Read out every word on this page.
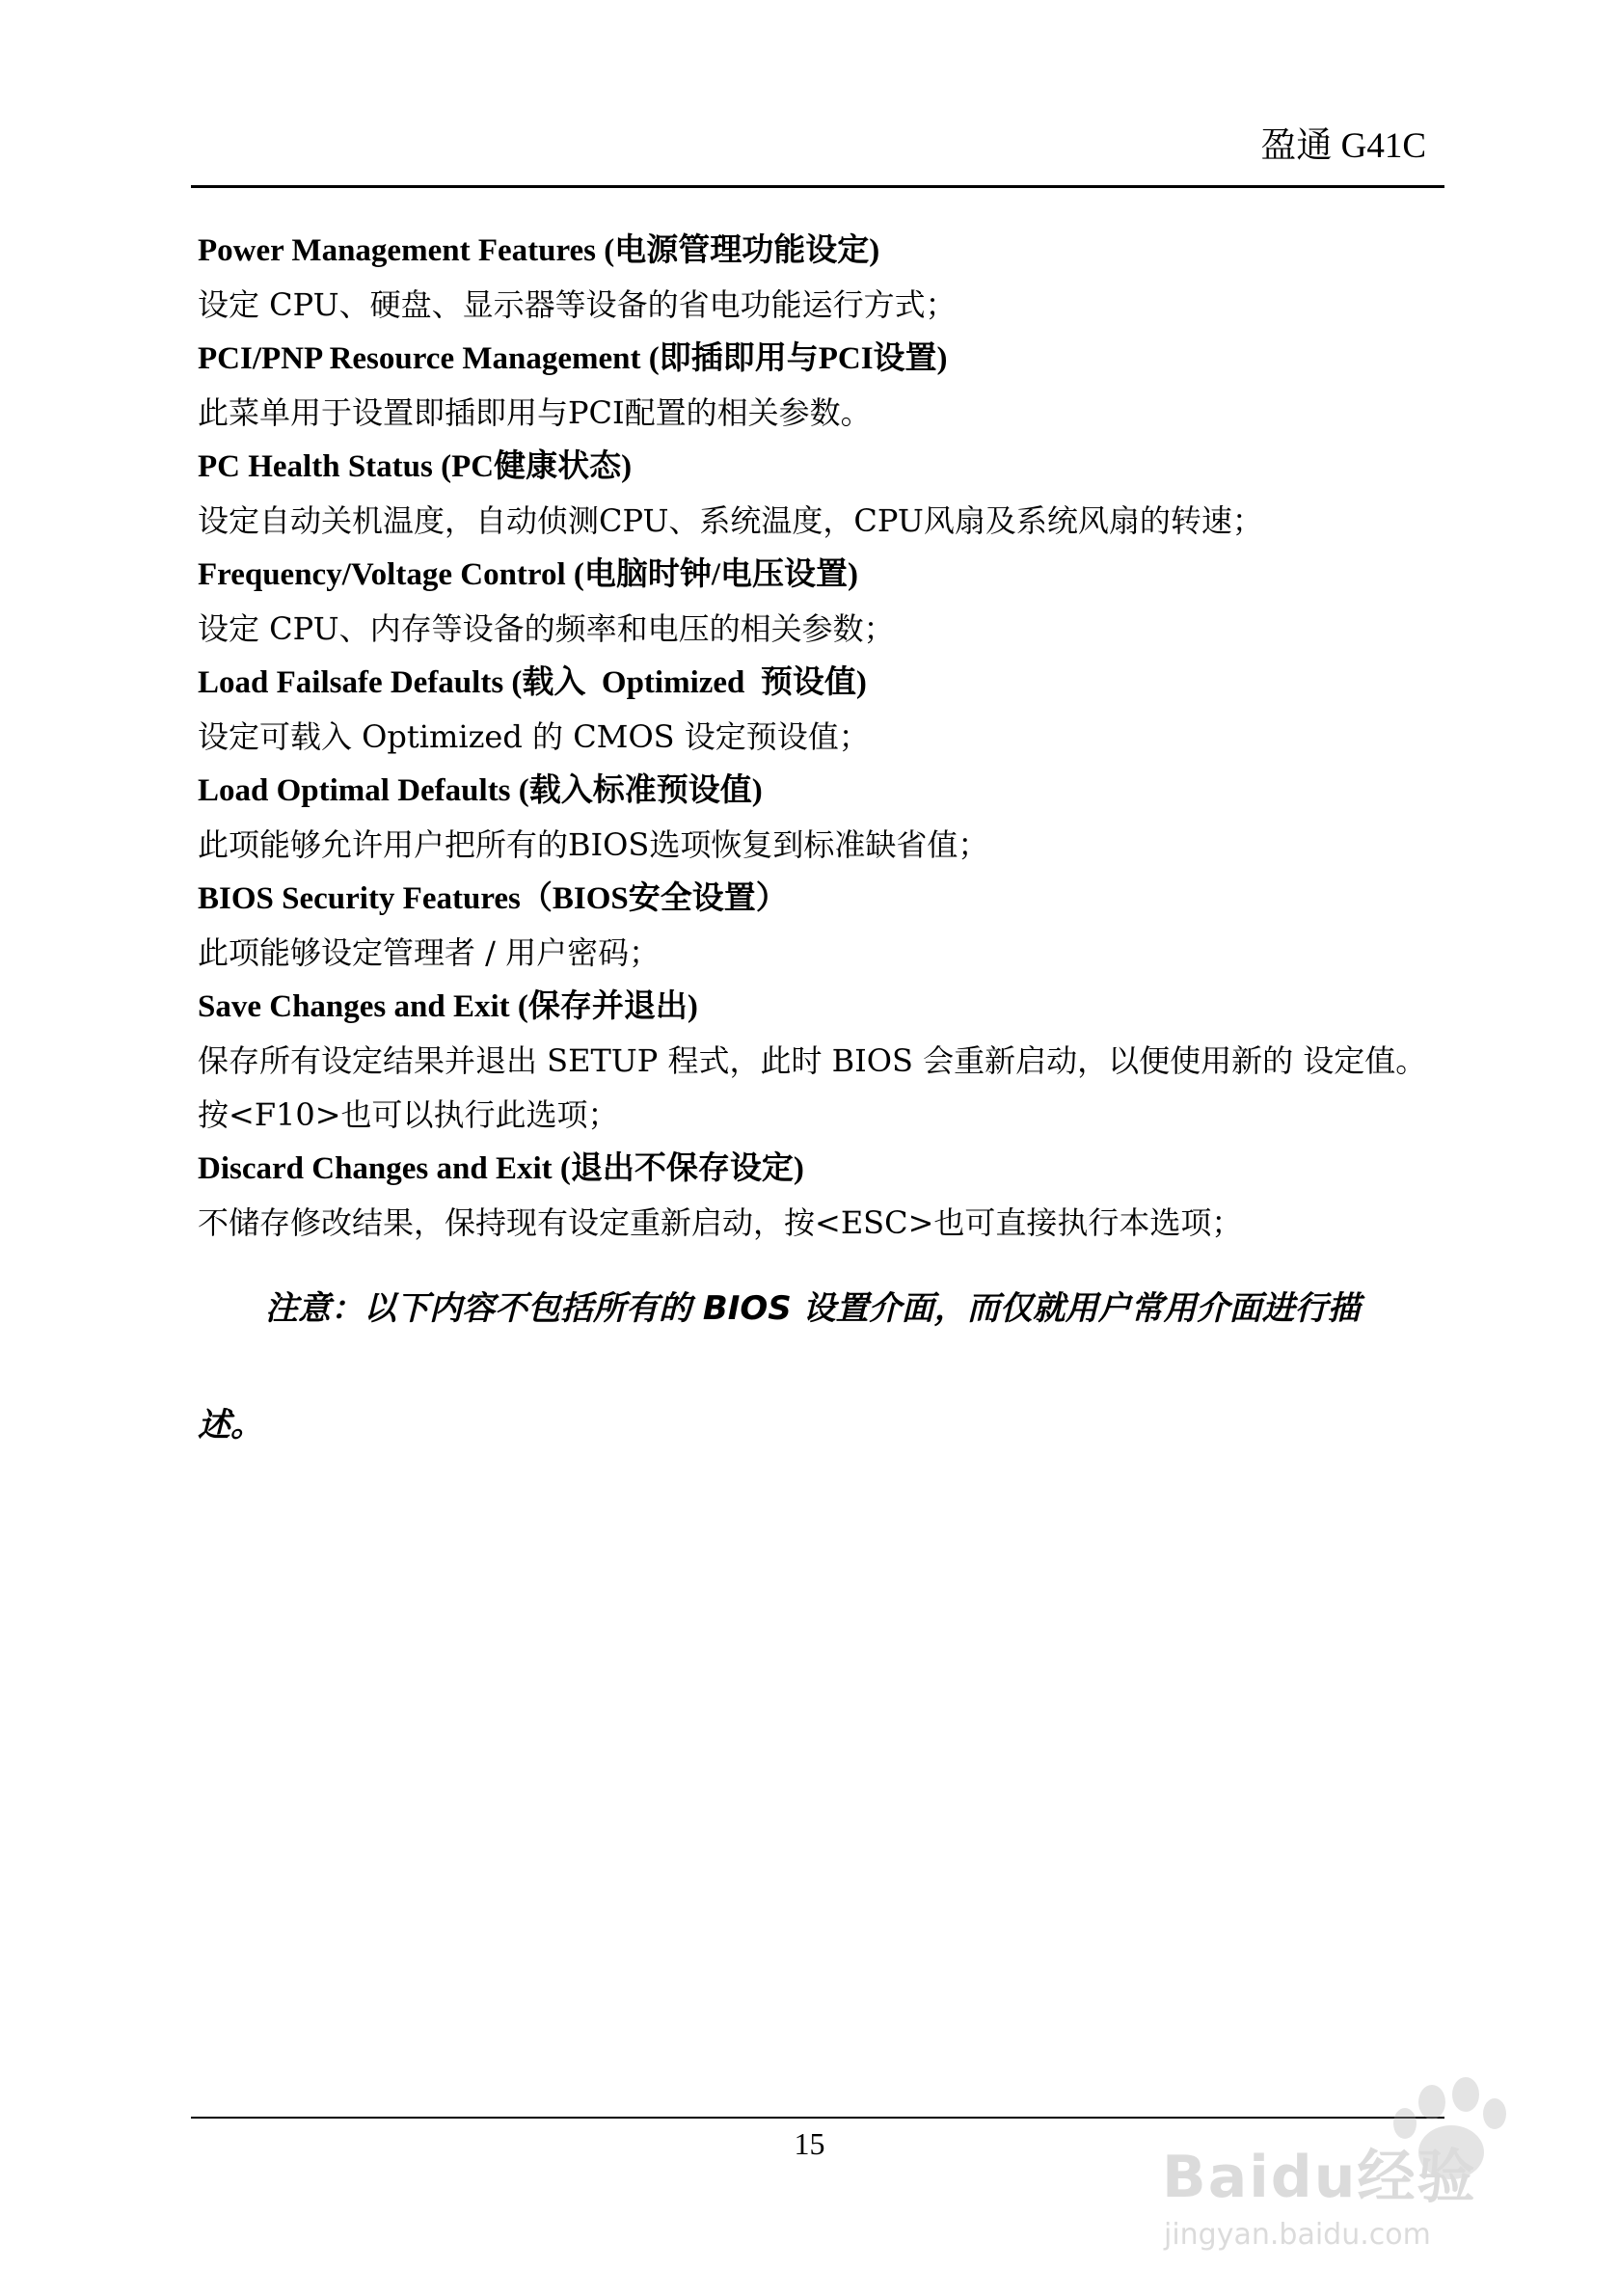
盈通 G41C
Power Management Features (电源管理功能设定)
设定 CPU、硬盘、显示器等设备的省电功能运行方式；
PCI/PNP Resource Management (即插即用与PCI设置)
此菜单用于设置即插即用与PCI配置的相关参数。
PC Health Status (PC健康状态)
设定自动关机温度，自动侦测CPU、系统温度，CPU风扇及系统风扇的转速；
Frequency/Voltage Control (电脑时钟/电压设置)
设定 CPU、内存等设备的频率和电压的相关参数；
Load Failsafe Defaults (载入  Optimized  预设值)
设定可载入 Optimized 的 CMOS 设定预设值；
Load Optimal Defaults (载入标准预设值)
此项能够允许用户把所有的BIOS选项恢复到标准缺省值；
BIOS Security Features（BIOS安全设置）
此项能够设定管理者 / 用户密码；
Save Changes and Exit (保存并退出)
保存所有设定结果并退出 SETUP 程式，此时 BIOS 会重新启动，以便使用新的 设定值。按<F10>也可以执行此选项；
Discard Changes and Exit (退出不保存设定)
不储存修改结果，保持现有设定重新启动，按<ESC>也可直接执行本选项；
注意：以下内容不包括所有的 BIOS 设置介面，而仅就用户常用介面进行描
述。
15	Baidu经验
jingyan.baidu.com
